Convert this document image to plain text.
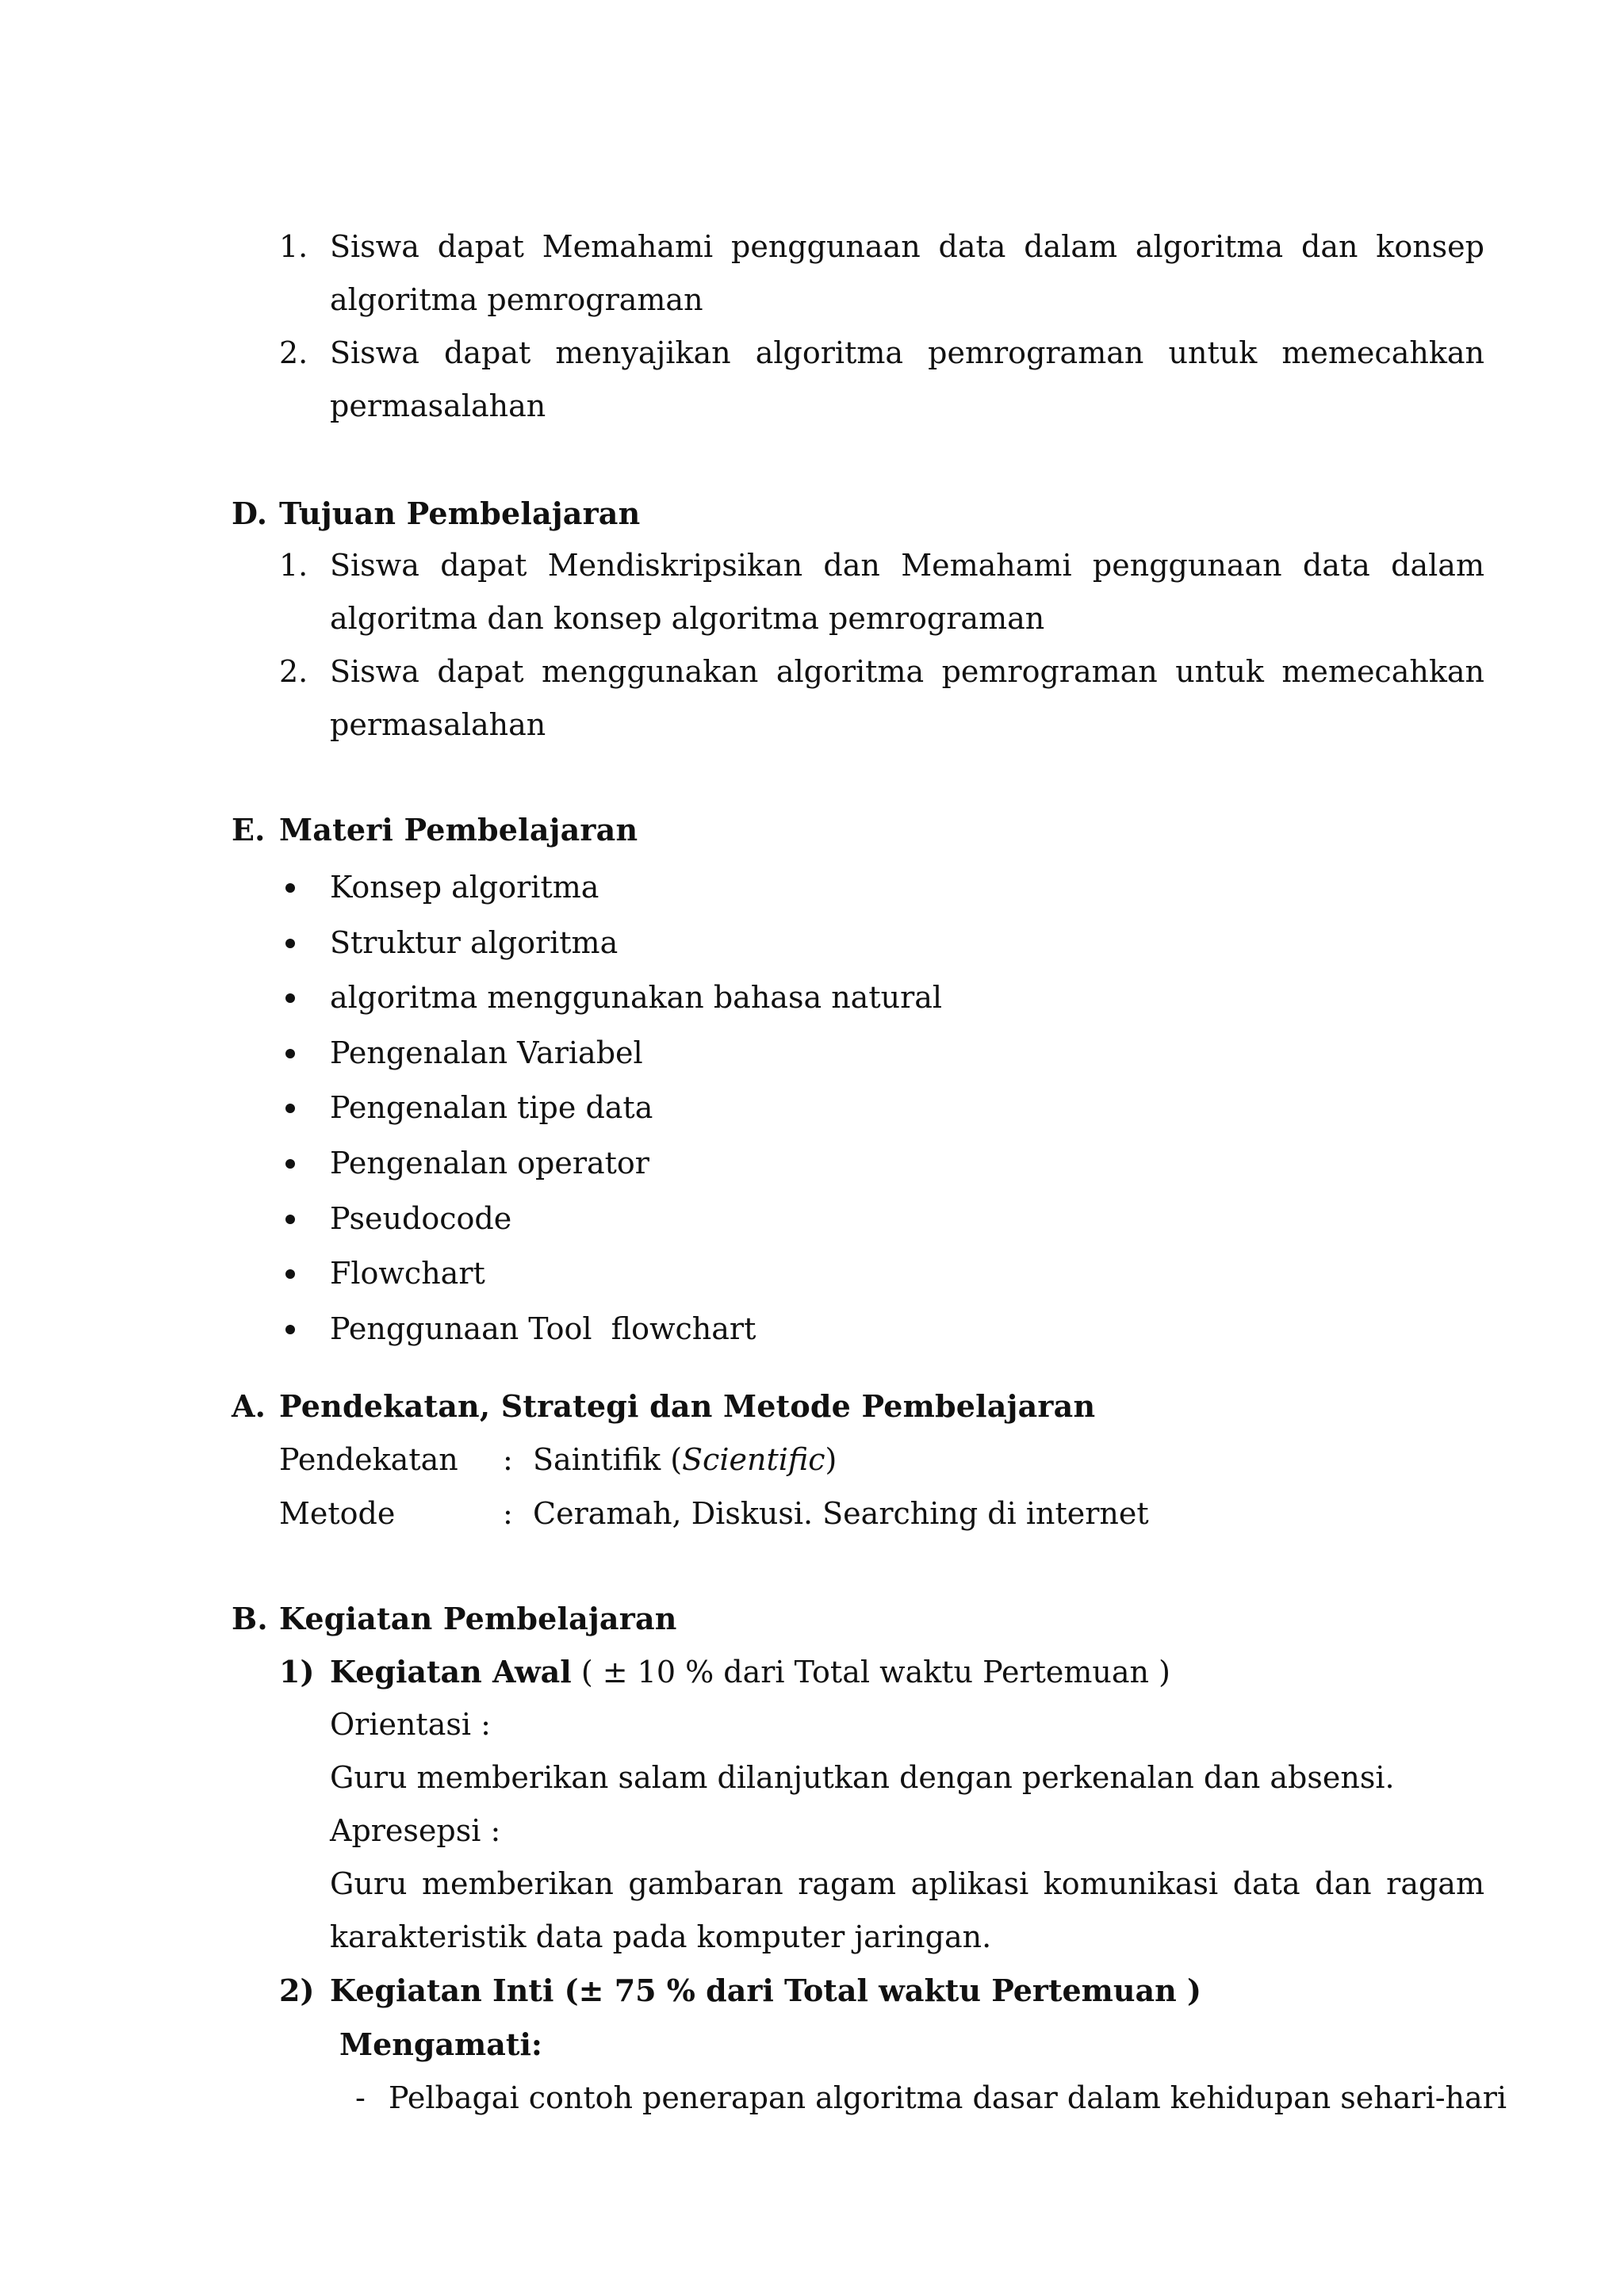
1. Siswa dapat Memahami penggunaan data dalam algoritma dan konsep
algoritma pemrograman
2. Siswa dapat menyajikan algoritma pemrograman untuk memecahkan
permasalahan
D. Tujuan Pembelajaran
1. Siswa dapat Mendiskripsikan dan Memahami penggunaan data dalam
algoritma dan konsep algoritma pemrograman
2. Siswa dapat menggunakan algoritma pemrograman untuk memecahkan
permasalahan
E. Materi Pembelajaran
Konsep algoritma
Struktur algoritma
algoritma menggunakan bahasa natural
Pengenalan Variabel
Pengenalan tipe data
Pengenalan operator
Pseudocode
Flowchart
Penggunaan Tool  flowchart
A. Pendekatan, Strategi dan Metode Pembelajaran
Pendekatan : Saintifik (Scientific)
Metode	: Ceramah, Diskusi. Searching di internet
B. Kegiatan Pembelajaran
1) Kegiatan Awal ( ± 10 % dari Total waktu Pertemuan )
Orientasi :
Guru memberikan salam dilanjutkan dengan perkenalan dan absensi.
Apresepsi :
Guru memberikan gambaran ragam aplikasi komunikasi data dan ragam
karakteristik data pada komputer jaringan.
2) Kegiatan Inti (± 75 % dari Total waktu Pertemuan )
Mengamati:
- Pelbagai contoh penerapan algoritma dasar dalam kehidupan sehari-hari
